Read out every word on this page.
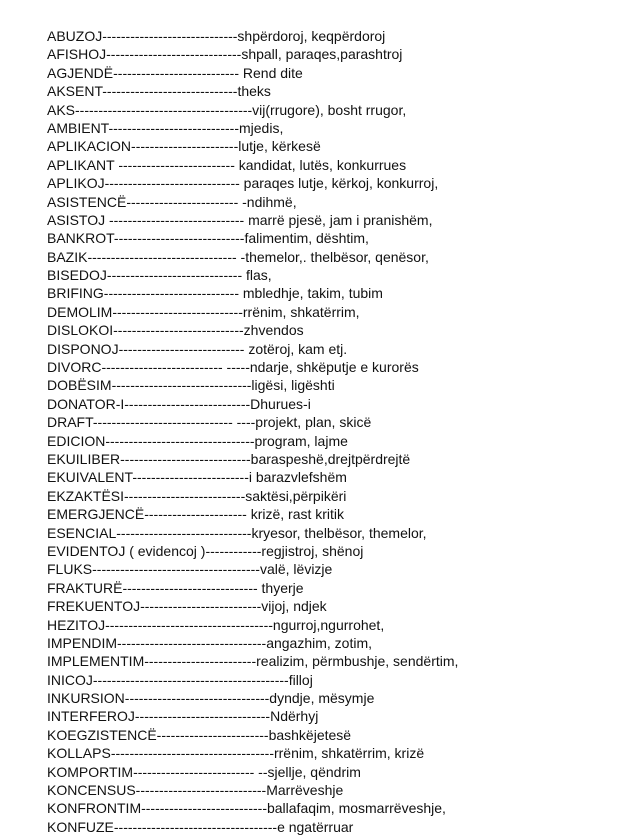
ABUZOJ-----------------------------shpërdoroj, keqpërdoroj
AFISHOJ-----------------------------shpall, paraqes,parashtroj
AGJENDË--------------------------- Rend dite
AKSENT-----------------------------theks
AKS--------------------------------------vij(rrugore), bosht rrugor,
AMBIENT----------------------------mjedis,
APLIKACION-----------------------lutje, kërkesë
APLIKANT ------------------------- kandidat, lutës, konkurrues
APLIKOJ----------------------------- paraqes lutje, kërkoj, konkurroj,
ASISTENCË------------------------ -ndihmë,
ASISTOJ ----------------------------- marrë pjesë, jam i pranishëm,
BANKROT----------------------------falimentim, dështim,
BAZIK-------------------------------- -themelor,. thelbësor, qenësor,
BISEDOJ----------------------------- flas,
BRIFING----------------------------- mbledhje, takim, tubim
DEMOLIM----------------------------rrënim, shkatërrim,
DISLOKOI----------------------------zhvendos
DISPONOJ--------------------------- zotëroj, kam etj.
DIVORC-------------------------- -----ndarje, shkëputje e kurorës
DOBËSIM------------------------------ligësi, ligështi
DONATOR-I---------------------------Dhurues-i
DRAFT------------------------------ ----projekt, plan, skicë
EDICION--------------------------------program, lajme
EKUILIBER----------------------------baraspeshë,drejtpërdrejtë
EKUIVALENT-------------------------i barazvlefshëm
EKZAKTËSI--------------------------saktësi,përpikëri
EMERGJENCË---------------------- krizë, rast kritik
ESENCIAL-----------------------------kryesor, thelbësor, themelor,
EVIDENTOJ ( evidencoj )------------regjistroj, shënoj
FLUKS------------------------------------valë, lëvizje
FRAKTURË----------------------------- thyerje
FREKUENTOJ--------------------------vijoj, ndjek
HEZITOJ------------------------------------ngurroj,ngurrohet,
IMPENDIM--------------------------------angazhim, zotim,
IMPLEMENTIM------------------------realizim, përmbushje, sendërtim,
INICOJ------------------------------------------filloj
INKURSION-------------------------------dyndje, mësymje
INTERFEROJ-----------------------------Ndërhyj
KOEGZISTENCË------------------------bashkëjetesë
KOLLAPS-----------------------------------rrënim, shkatërrim, krizë
KOMPORTIM-------------------------- --sjellje, qëndrim
KONCENSUS----------------------------Marrëveshje
KONFRONTIM---------------------------ballafaqim, mosmarrëveshje,
KONFUZE-----------------------------------e ngatërruar
